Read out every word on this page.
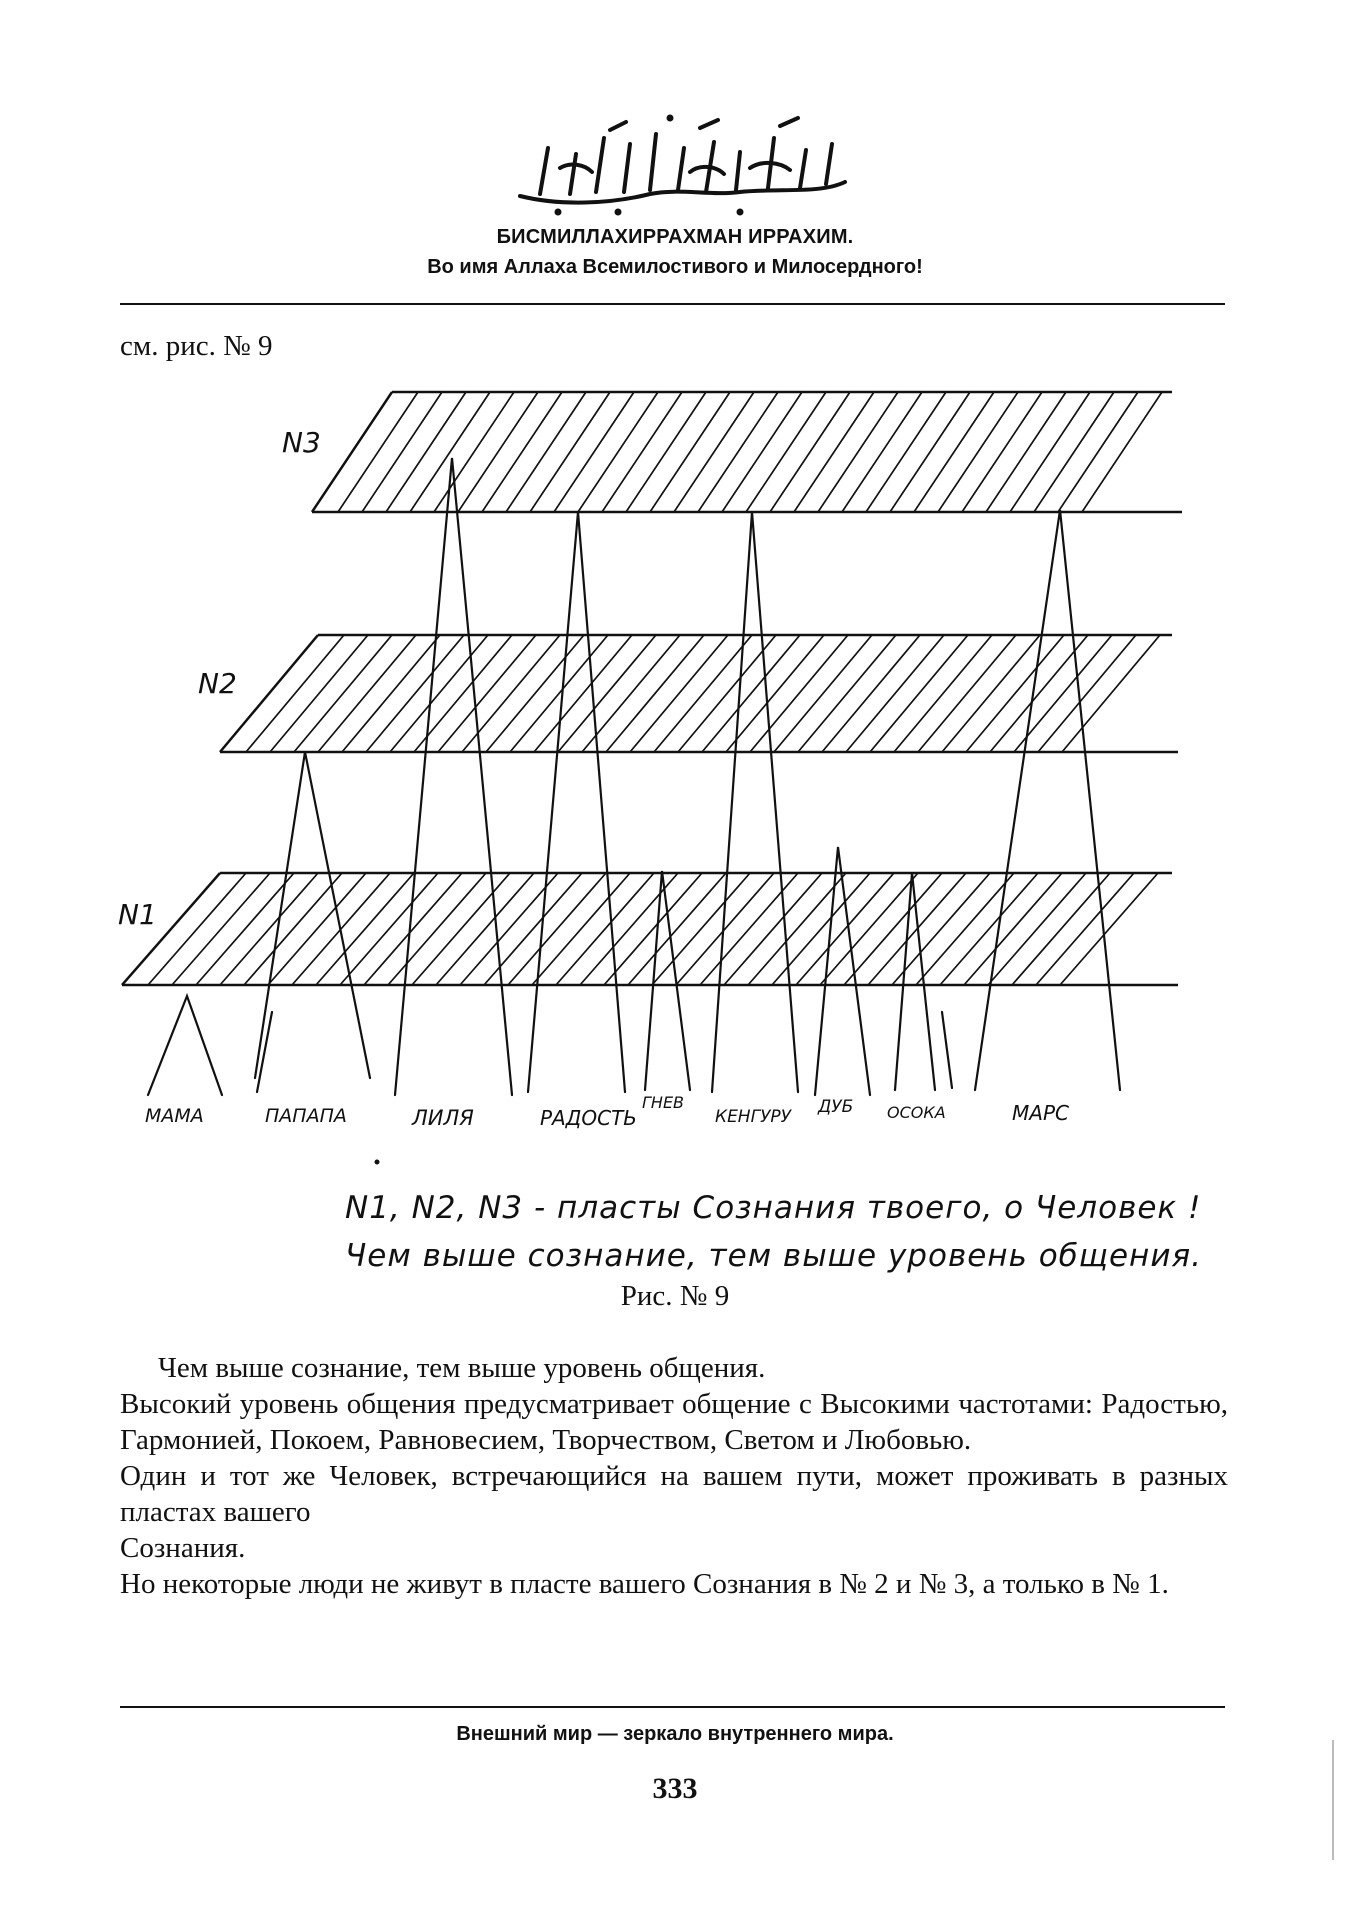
БИСМИЛЛАХИРРАХМАН ИРРАХИМ.
Во имя Аллаха Всемилостивого и Милосердного!
см. рис. № 9
N3
N2
N1
МАМА	ПАПАПА	ЛИЛЯ	РАДОСТЬ
ГНЕВ
КЕНГУРУ ДУБ ОСОКА	МАРС
N1, N2, N3 - пласты Сознания твоего, о Человек !
Чем выше сознание, тем выше уровень общения.
Рис. № 9

Чем выше сознание, тем выше уровень общения.

Высокий уровень общения предусматривает общение с Высокими частотами: Радостью, Гармонией, Покоем, Равновесием, Творчеством, Светом и Любовью.

Один и тот же Человек, встречающийся на вашем пути, может проживать в разных пластах вашего

Сознания.

Но некоторые люди не живут в пласте вашего Сознания в № 2 и № 3, а только в № 1.

Внешний мир — зеркало внутреннего мира.
333
